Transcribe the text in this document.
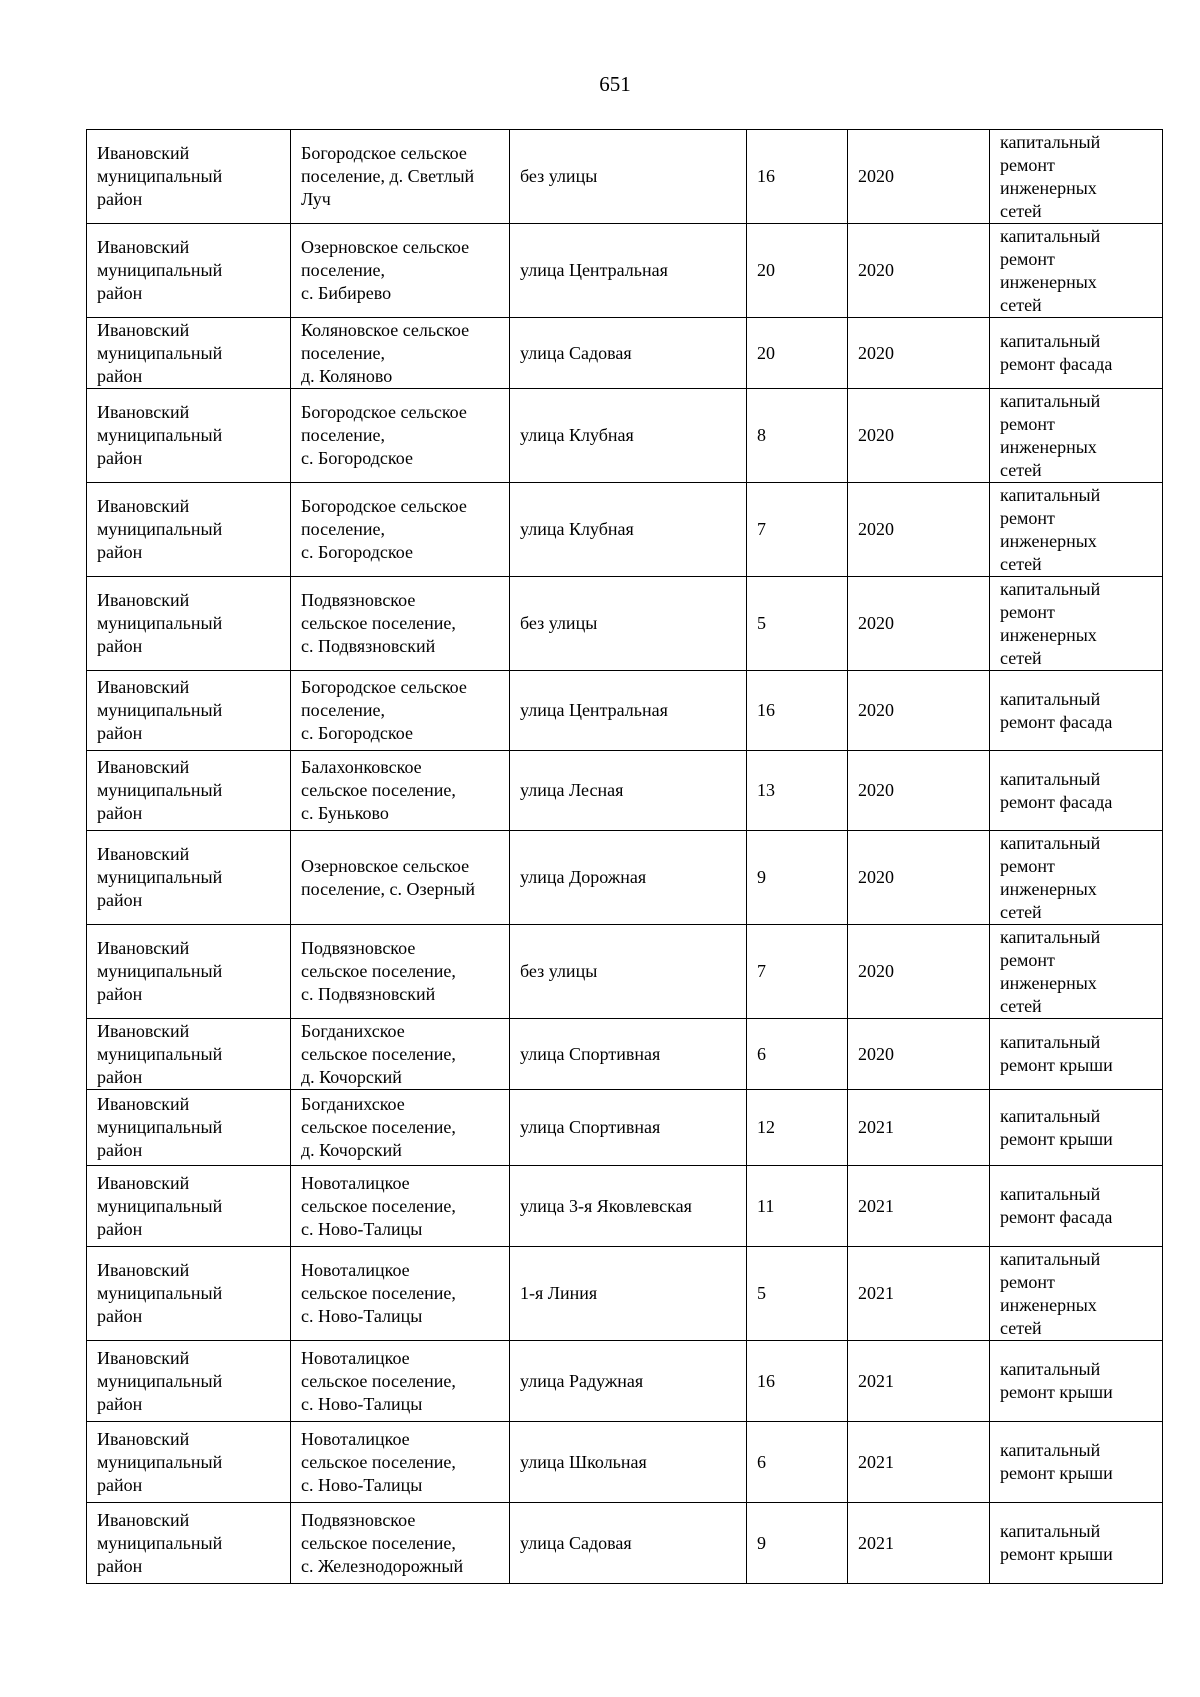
651
Ивановский
муниципальный
район	Богородское сельское
поселение, д. Светлый
Луч	без улицы	16	2020	капитальный
ремонт
инженерных
сетей
Ивановский
муниципальный
район	Озерновское сельское
поселение,
с. Бибирево	улица Центральная	20	2020	капитальный
ремонт
инженерных
сетей
Ивановский
муниципальный
район	Коляновское сельское
поселение,
д. Коляново	улица Садовая	20	2020	капитальный
ремонт фасада
Ивановский
муниципальный
район	Богородское сельское
поселение,
с. Богородское	улица Клубная	8	2020	капитальный
ремонт
инженерных
сетей
Ивановский
муниципальный
район	Богородское сельское
поселение,
с. Богородское	улица Клубная	7	2020	капитальный
ремонт
инженерных
сетей
Ивановский
муниципальный
район	Подвязновское
сельское поселение,
с. Подвязновский	без улицы	5	2020	капитальный
ремонт
инженерных
сетей
Ивановский
муниципальный
район	Богородское сельское
поселение,
с. Богородское	улица Центральная	16	2020	капитальный
ремонт фасада
Ивановский
муниципальный
район	Балахонковское
сельское поселение,
с. Буньково	улица Лесная	13	2020	капитальный
ремонт фасада
Ивановский
муниципальный
район	Озерновское сельское
поселение, с. Озерный	улица Дорожная	9	2020	капитальный
ремонт
инженерных
сетей
Ивановский
муниципальный
район	Подвязновское
сельское поселение,
с. Подвязновский	без улицы	7	2020	капитальный
ремонт
инженерных
сетей
Ивановский
муниципальный
район	Богданихское
сельское поселение,
д. Кочорский	улица Спортивная	6	2020	капитальный
ремонт крыши
Ивановский
муниципальный
район	Богданихское
сельское поселение,
д. Кочорский	улица Спортивная	12	2021	капитальный
ремонт крыши
Ивановский
муниципальный
район	Новоталицкое
сельское поселение,
с. Ново-Талицы	улица 3-я Яковлевская	11	2021	капитальный
ремонт фасада
Ивановский
муниципальный
район	Новоталицкое
сельское поселение,
с. Ново-Талицы	1-я Линия	5	2021	капитальный
ремонт
инженерных
сетей
Ивановский
муниципальный
район	Новоталицкое
сельское поселение,
с. Ново-Талицы	улица Радужная	16	2021	капитальный
ремонт крыши
Ивановский
муниципальный
район	Новоталицкое
сельское поселение,
с. Ново-Талицы	улица Школьная	6	2021	капитальный
ремонт крыши
Ивановский
муниципальный
район	Подвязновское
сельское поселение,
с. Железнодорожный	улица Садовая	9	2021	капитальный
ремонт крыши
